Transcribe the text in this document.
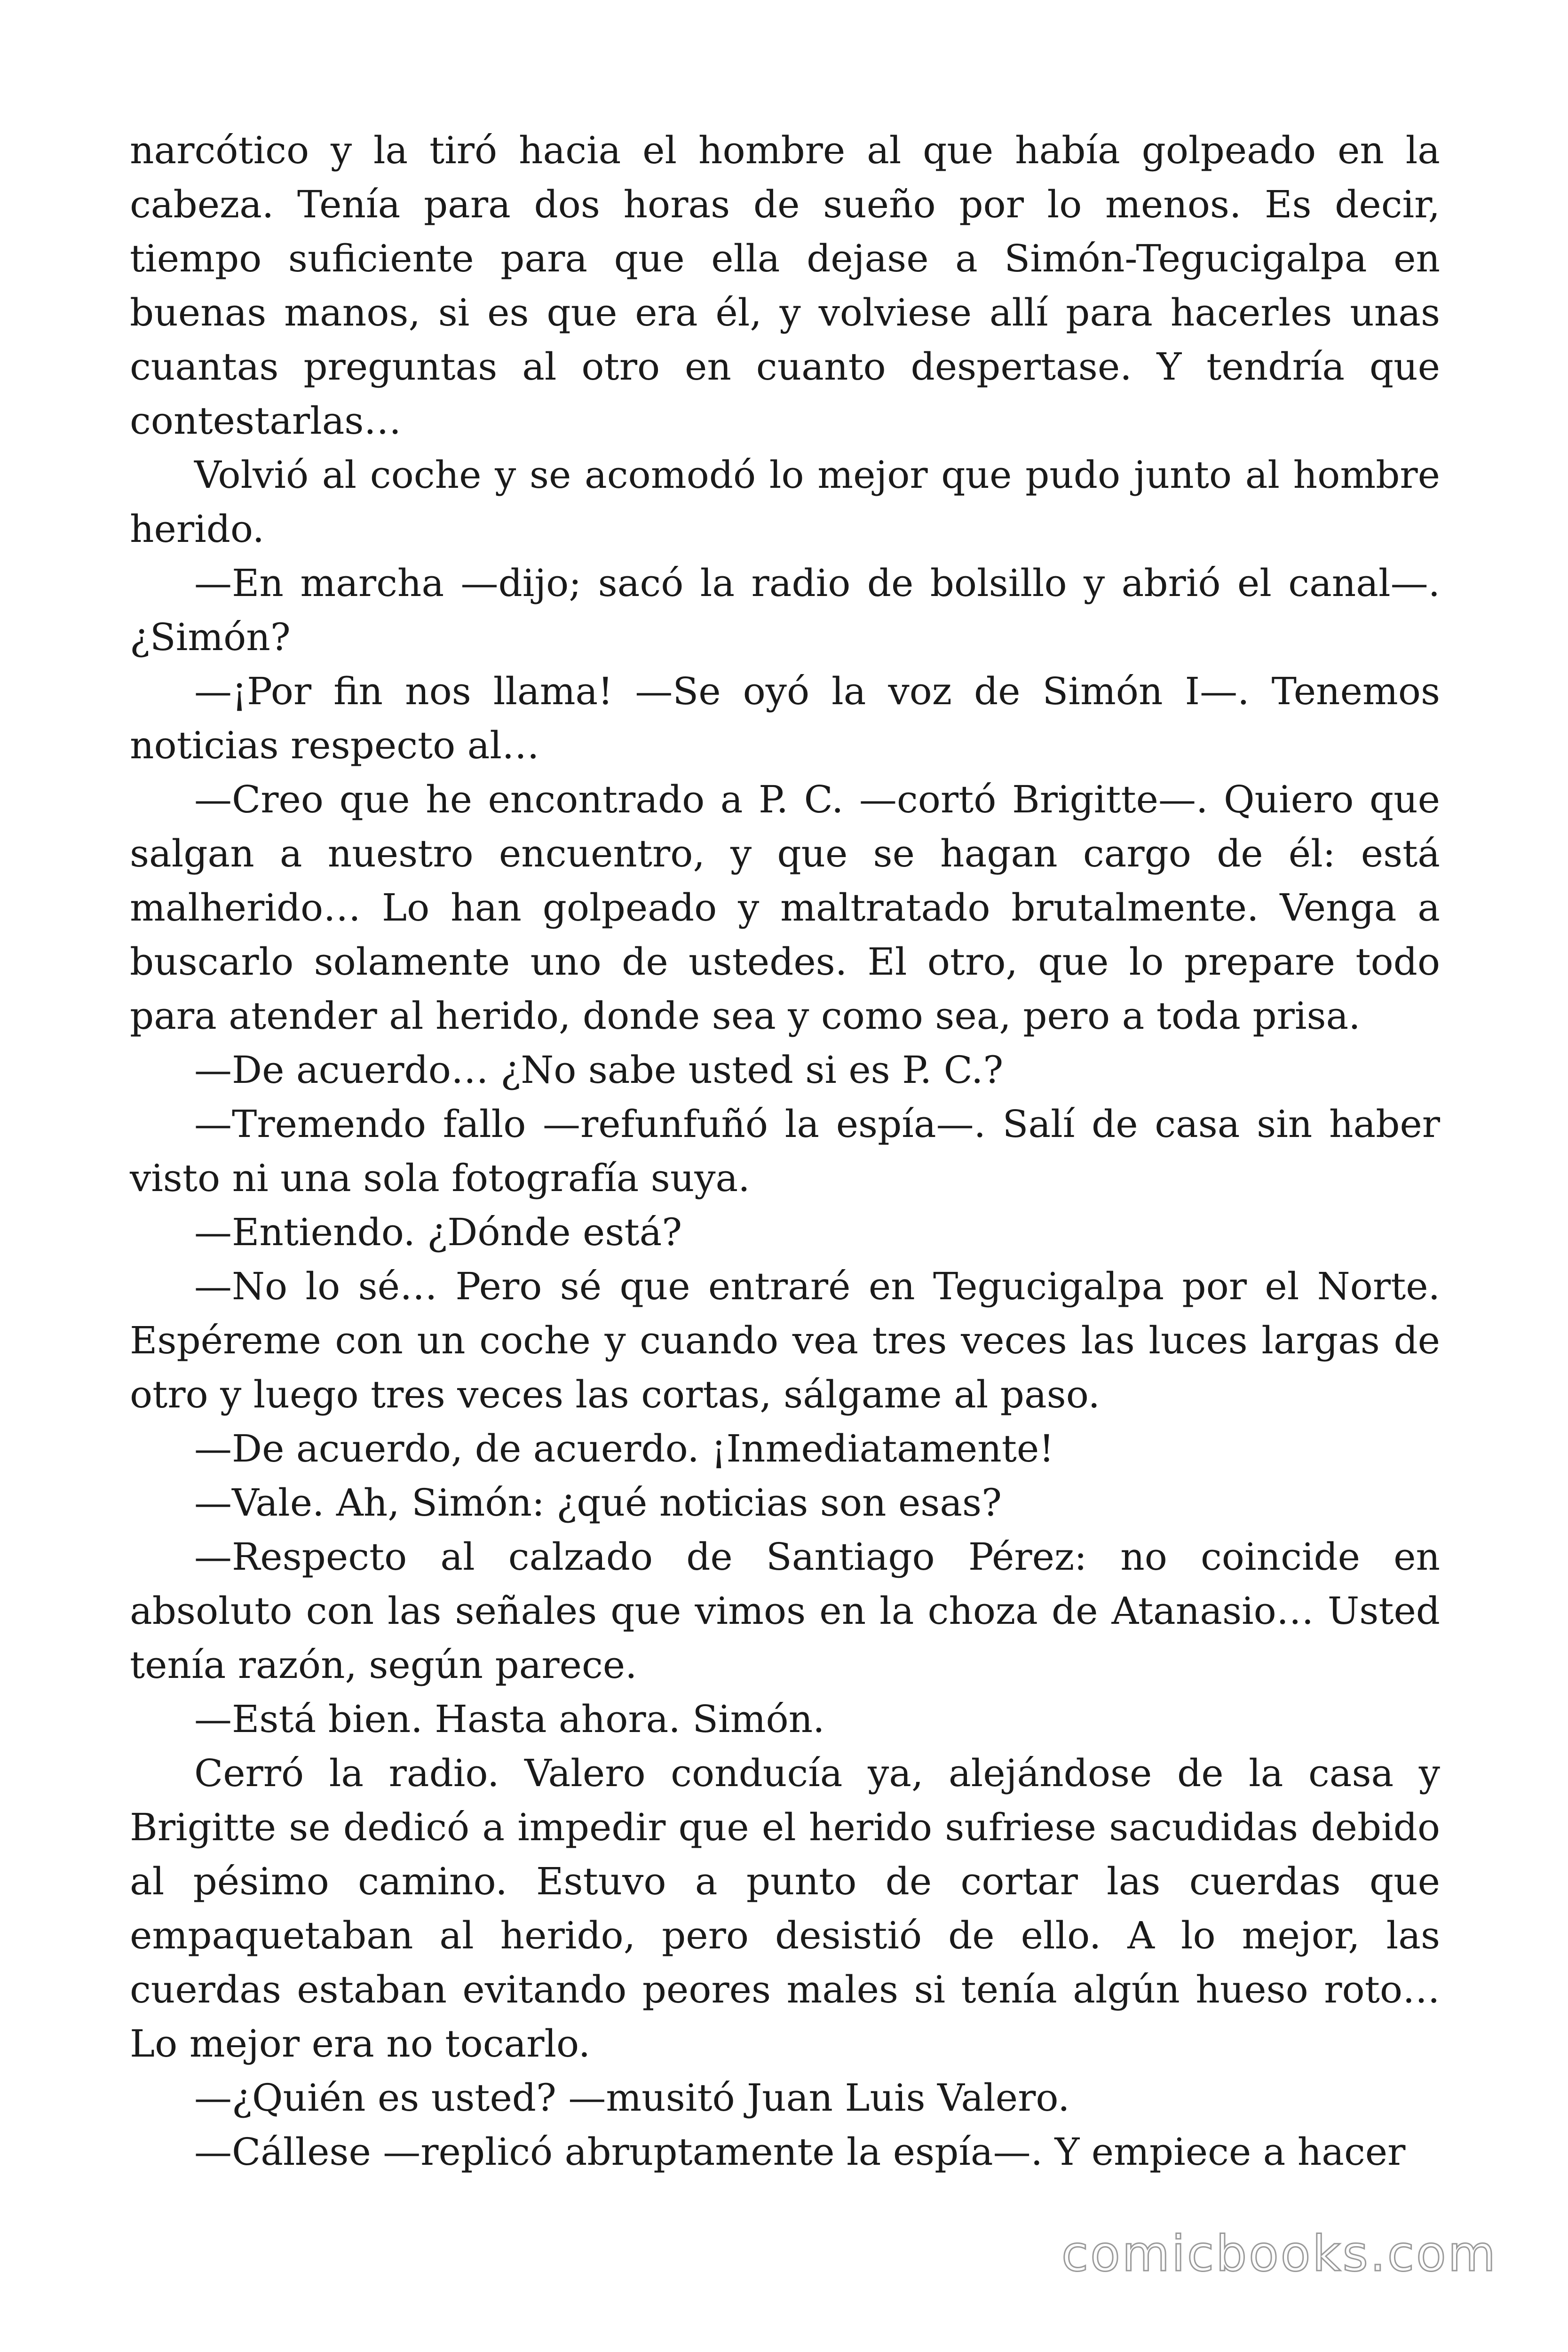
narcótico y la tiró hacia el hombre al que había golpeado en la cabeza. Tenía para dos horas de sueño por lo menos. Es decir, tiempo suficiente para que ella dejase a Simón-Tegucigalpa en buenas manos, si es que era él, y volviese allí para hacerles unas cuantas preguntas al otro en cuanto despertase. Y tendría que contestarlas…

Volvió al coche y se acomodó lo mejor que pudo junto al hombre herido.

—En marcha —dijo; sacó la radio de bolsillo y abrió el canal—. ¿Simón?

—¡Por fin nos llama! —Se oyó la voz de Simón I—. Tenemos noticias respecto al…

—Creo que he encontrado a P. C. —cortó Brigitte—. Quiero que salgan a nuestro encuentro, y que se hagan cargo de él: está malherido… Lo han golpeado y maltratado brutalmente. Venga a buscarlo solamente uno de ustedes. El otro, que lo prepare todo para atender al herido, donde sea y como sea, pero a toda prisa.

—De acuerdo… ¿No sabe usted si es P. C.?

—Tremendo fallo —refunfuñó la espía—. Salí de casa sin haber visto ni una sola fotografía suya.

—Entiendo. ¿Dónde está?

—No lo sé… Pero sé que entraré en Tegucigalpa por el Norte. Espéreme con un coche y cuando vea tres veces las luces largas de otro y luego tres veces las cortas, sálgame al paso.

—De acuerdo, de acuerdo. ¡Inmediatamente!

—Vale. Ah, Simón: ¿qué noticias son esas?

—Respecto al calzado de Santiago Pérez: no coincide en absoluto con las señales que vimos en la choza de Atanasio… Usted tenía razón, según parece.

—Está bien. Hasta ahora. Simón.

Cerró la radio. Valero conducía ya, alejándose de la casa y Brigitte se dedicó a impedir que el herido sufriese sacudidas debido al pésimo camino. Estuvo a punto de cortar las cuerdas que empaquetaban al herido, pero desistió de ello. A lo mejor, las cuerdas estaban evitando peores males si tenía algún hueso roto… Lo mejor era no tocarlo.

—¿Quién es usted? —musitó Juan Luis Valero.

—Cállese —replicó abruptamente la espía—. Y empiece a hacer

comicbooks.com
